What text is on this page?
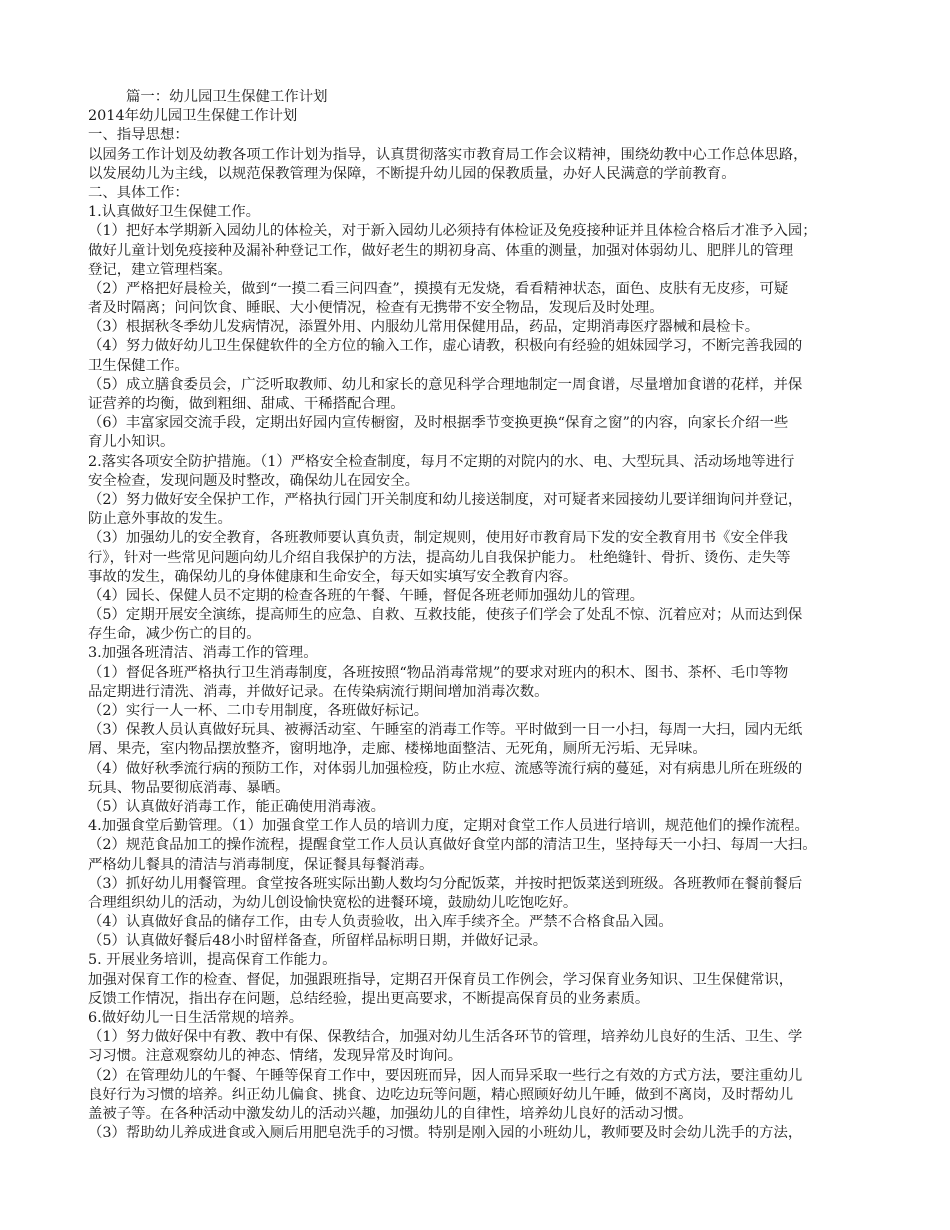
篇一：幼儿园卫生保健工作计划
2014年幼儿园卫生保健工作计划
一、指导思想：
以园务工作计划及幼教各项工作计划为指导，认真贯彻落实市教育局工作会议精神，围绕幼教中心工作总体思路，
以发展幼儿为主线，以规范保教管理为保障，不断提升幼儿园的保教质量，办好人民满意的学前教育。
二、具体工作：
1.认真做好卫生保健工作。
（1）把好本学期新入园幼儿的体检关，对于新入园幼儿必须持有体检证及免疫接种证并且体检合格后才准予入园；
做好儿童计划免疫接种及漏补种登记工作，做好老生的期初身高、体重的测量，加强对体弱幼儿、肥胖儿的管理
登记，建立管理档案。
（2）严格把好晨检关，做到“一摸二看三问四查”，摸摸有无发烧，看看精神状态，面色、皮肤有无皮疹，可疑
者及时隔离；问问饮食、睡眠、大小便情况，检查有无携带不安全物品，发现后及时处理。
（3）根据秋冬季幼儿发病情况，添置外用、内服幼儿常用保健用品，药品，定期消毒医疗器械和晨检卡。
（4）努力做好幼儿卫生保健软件的全方位的输入工作，虚心请教，积极向有经验的姐妹园学习，不断完善我园的
卫生保健工作。
（5）成立膳食委员会，广泛听取教师、幼儿和家长的意见科学合理地制定一周食谱，尽量增加食谱的花样，并保
证营养的均衡，做到粗细、甜咸、干稀搭配合理。
（6）丰富家园交流手段，定期出好园内宣传橱窗，及时根据季节变换更换“保育之窗”的内容，向家长介绍一些
育儿小知识。
2.落实各项安全防护措施。（1）严格安全检查制度，每月不定期的对院内的水、电、大型玩具、活动场地等进行
安全检查，发现问题及时整改，确保幼儿在园安全。
（2）努力做好安全保护工作，严格执行园门开关制度和幼儿接送制度，对可疑者来园接幼儿要详细询问并登记，
防止意外事故的发生。
（3）加强幼儿的安全教育，各班教师要认真负责，制定规则，使用好市教育局下发的安全教育用书《安全伴我
行》，针对一些常见问题向幼儿介绍自我保护的方法，提高幼儿自我保护能力。 杜绝缝针、骨折、烫伤、走失等
事故的发生，确保幼儿的身体健康和生命安全，每天如实填写安全教育内容。
（4）园长、保健人员不定期的检查各班的午餐、午睡，督促各班老师加强幼儿的管理。
（5）定期开展安全演练，提高师生的应急、自救、互救技能，使孩子们学会了处乱不惊、沉着应对；从而达到保
存生命，减少伤亡的目的。
3.加强各班清洁、消毒工作的管理。
（1）督促各班严格执行卫生消毒制度，各班按照“物品消毒常规”的要求对班内的积木、图书、茶杯、毛巾等物
品定期进行清洗、消毒，并做好记录。在传染病流行期间增加消毒次数。
（2）实行一人一杯、二巾专用制度，各班做好标记。
（3）保教人员认真做好玩具、被褥活动室、午睡室的消毒工作等。平时做到一日一小扫，每周一大扫，园内无纸
屑、果壳，室内物品摆放整齐，窗明地净，走廊、楼梯地面整洁、无死角，厕所无污垢、无异味。
（4）做好秋季流行病的预防工作，对体弱儿加强检疫，防止水痘、流感等流行病的蔓延，对有病患儿所在班级的
玩具、物品要彻底消毒、暴晒。
（5）认真做好消毒工作，能正确使用消毒液。
4.加强食堂后勤管理。（1）加强食堂工作人员的培训力度，定期对食堂工作人员进行培训，规范他们的操作流程。
（2）规范食品加工的操作流程，提醒食堂工作人员认真做好食堂内部的清洁卫生，坚持每天一小扫、每周一大扫。
严格幼儿餐具的清洁与消毒制度，保证餐具每餐消毒。
（3）抓好幼儿用餐管理。食堂按各班实际出勤人数均匀分配饭菜，并按时把饭菜送到班级。各班教师在餐前餐后
合理组织幼儿的活动，为幼儿创设愉快宽松的进餐环境，鼓励幼儿吃饱吃好。
（4）认真做好食品的储存工作，由专人负责验收，出入库手续齐全。严禁不合格食品入园。
（5）认真做好餐后48小时留样备查，所留样品标明日期，并做好记录。
5. 开展业务培训，提高保育工作能力。
加强对保育工作的检查、督促，加强跟班指导，定期召开保育员工作例会，学习保育业务知识、卫生保健常识，
反馈工作情况，指出存在问题，总结经验，提出更高要求，不断提高保育员的业务素质。
6.做好幼儿一日生活常规的培养。
（1）努力做好保中有教、教中有保、保教结合，加强对幼儿生活各环节的管理，培养幼儿良好的生活、卫生、学
习习惯。注意观察幼儿的神态、情绪，发现异常及时询问。
（2）在管理幼儿的午餐、午睡等保育工作中，要因班而异，因人而异采取一些行之有效的方式方法，要注重幼儿
良好行为习惯的培养。纠正幼儿偏食、挑食、边吃边玩等问题，精心照顾好幼儿午睡，做到不离岗，及时帮幼儿
盖被子等。在各种活动中激发幼儿的活动兴趣，加强幼儿的自律性，培养幼儿良好的活动习惯。
（3）帮助幼儿养成进食或入厕后用肥皂洗手的习惯。特别是刚入园的小班幼儿，教师要及时会幼儿洗手的方法，
